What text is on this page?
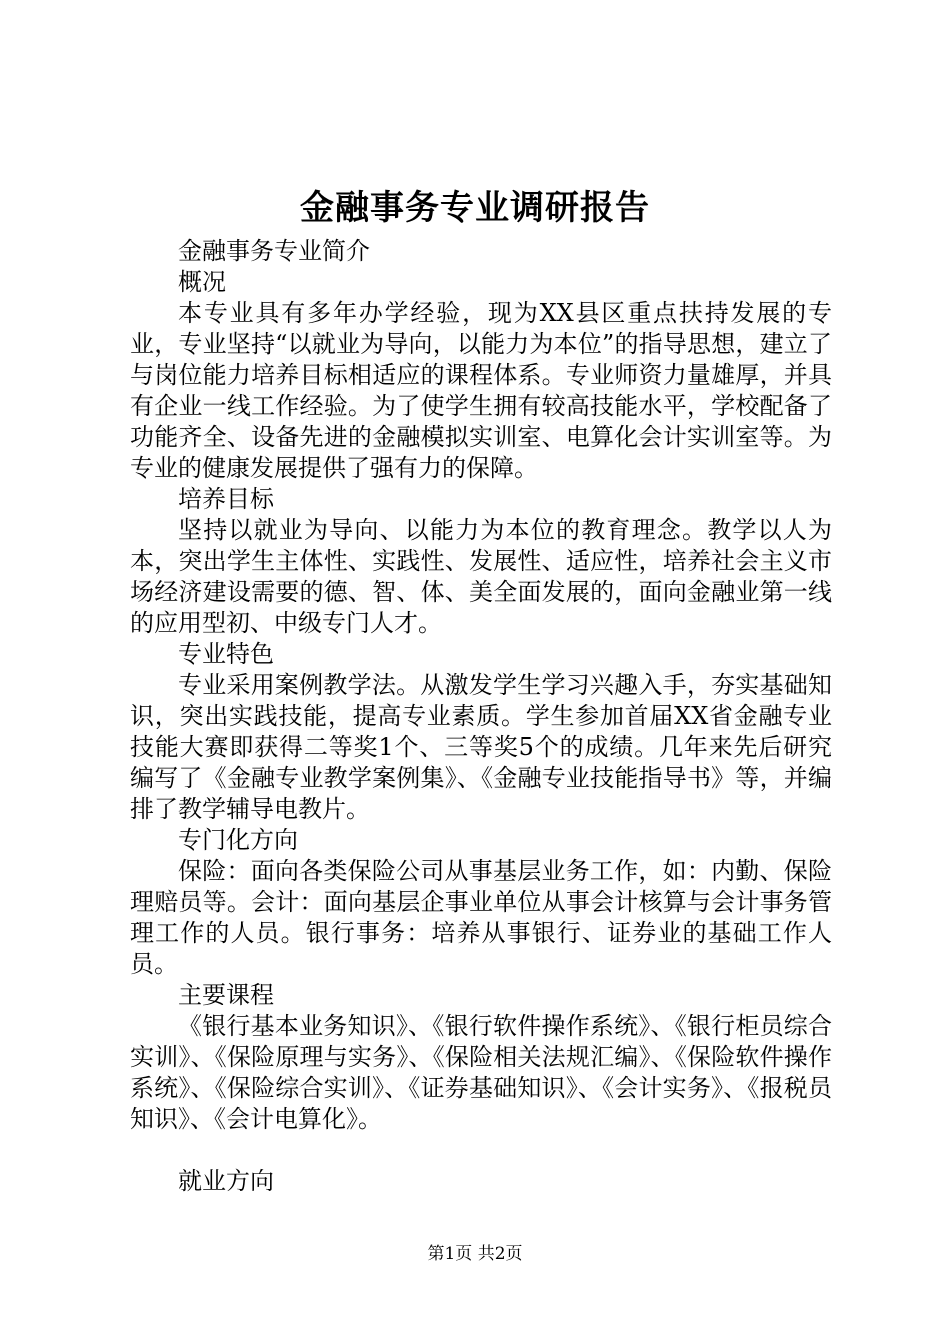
金融事务专业调研报告

金融事务专业简介

概况

本专业具有多年办学经验，现为XX县区重点扶持发展的专业，专业坚持“以就业为导向，以能力为本位”的指导思想，建立了与岗位能力培养目标相适应的课程体系。专业师资力量雄厚，并具有企业一线工作经验。为了使学生拥有较高技能水平，学校配备了功能齐全、设备先进的金融模拟实训室、电算化会计实训室等。为专业的健康发展提供了强有力的保障。

培养目标

坚持以就业为导向、以能力为本位的教育理念。教学以人为本，突出学生主体性、实践性、发展性、适应性，培养社会主义市场经济建设需要的德、智、体、美全面发展的，面向金融业第一线的应用型初、中级专门人才。

专业特色

专业采用案例教学法。从激发学生学习兴趣入手，夯实基础知识，突出实践技能，提高专业素质。学生参加首届XX省金融专业技能大赛即获得二等奖1个、三等奖5个的成绩。几年来先后研究编写了《金融专业教学案例集》、《金融专业技能指导书》等，并编排了教学辅导电教片。

专门化方向

保险：面向各类保险公司从事基层业务工作，如：内勤、保险理赔员等。会计：面向基层企事业单位从事会计核算与会计事务管理工作的人员。银行事务：培养从事银行、证券业的基础工作人员。

主要课程

《银行基本业务知识》、《银行软件操作系统》、《银行柜员综合实训》、《保险原理与实务》、《保险相关法规汇编》、《保险软件操作系统》、《保险综合实训》、《证券基础知识》、《会计实务》、《报税员知识》、《会计电算化》。

就业方向

第1页 共2页
